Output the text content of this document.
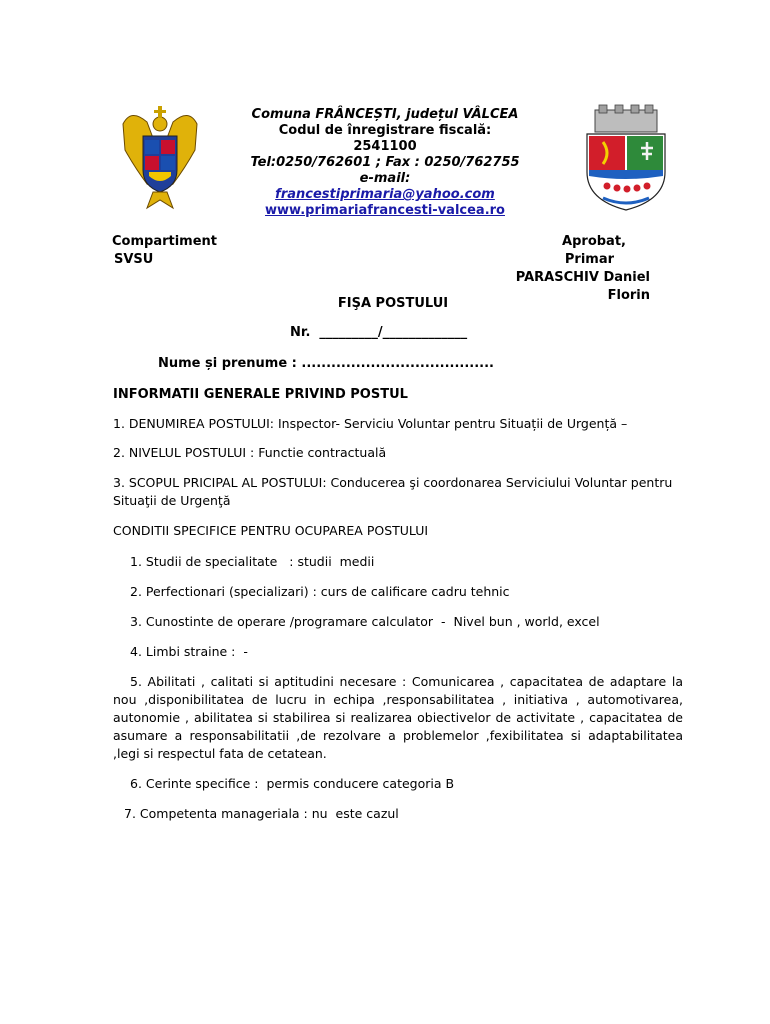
Comuna FRÂNCEȘTI, județul VÂLCEA
Codul de înregistrare fiscală: 2541100
Tel:0250/762601 ; Fax : 0250/762755
e-mail: francestiprimaria@yahoo.com
www.primariafrancesti-valcea.ro
Compartiment
SVSU
Aprobat,
Primar
PARASCHIV Daniel Florin
FIŞA POSTULUI
Nr.  _________/_____________
Nume și prenume : .......................................
INFORMATII GENERALE PRIVIND POSTUL
1. DENUMIREA POSTULUI: Inspector- Serviciu Voluntar pentru Situații de Urgență –
2. NIVELUL POSTULUI : Functie contractuală
3. SCOPUL PRICIPAL AL POSTULUI: Conducerea şi coordonarea Serviciului Voluntar pentru Situaţii de Urgenţă
CONDITII SPECIFICE PENTRU OCUPAREA POSTULUI
1. Studii de specialitate   : studii  medii
2. Perfectionari (specializari) : curs de calificare cadru tehnic
3. Cunostinte de operare /programare calculator  -  Nivel bun , world, excel
4. Limbi straine :  -
5. Abilitati , calitati si aptitudini necesare : Comunicarea , capacitatea de adaptare la nou ,disponibilitatea de lucru in echipa ,responsabilitatea , initiativa , automotivarea, autonomie , abilitatea si stabilirea si realizarea obiectivelor de activitate , capacitatea de asumare a responsabilitatii ,de rezolvare a problemelor ,fexibilitatea si adaptabilitatea ,legi si respectul fata de cetatean.
6. Cerinte specifice :  permis conducere categoria B
7. Competenta manageriala : nu  este cazul
